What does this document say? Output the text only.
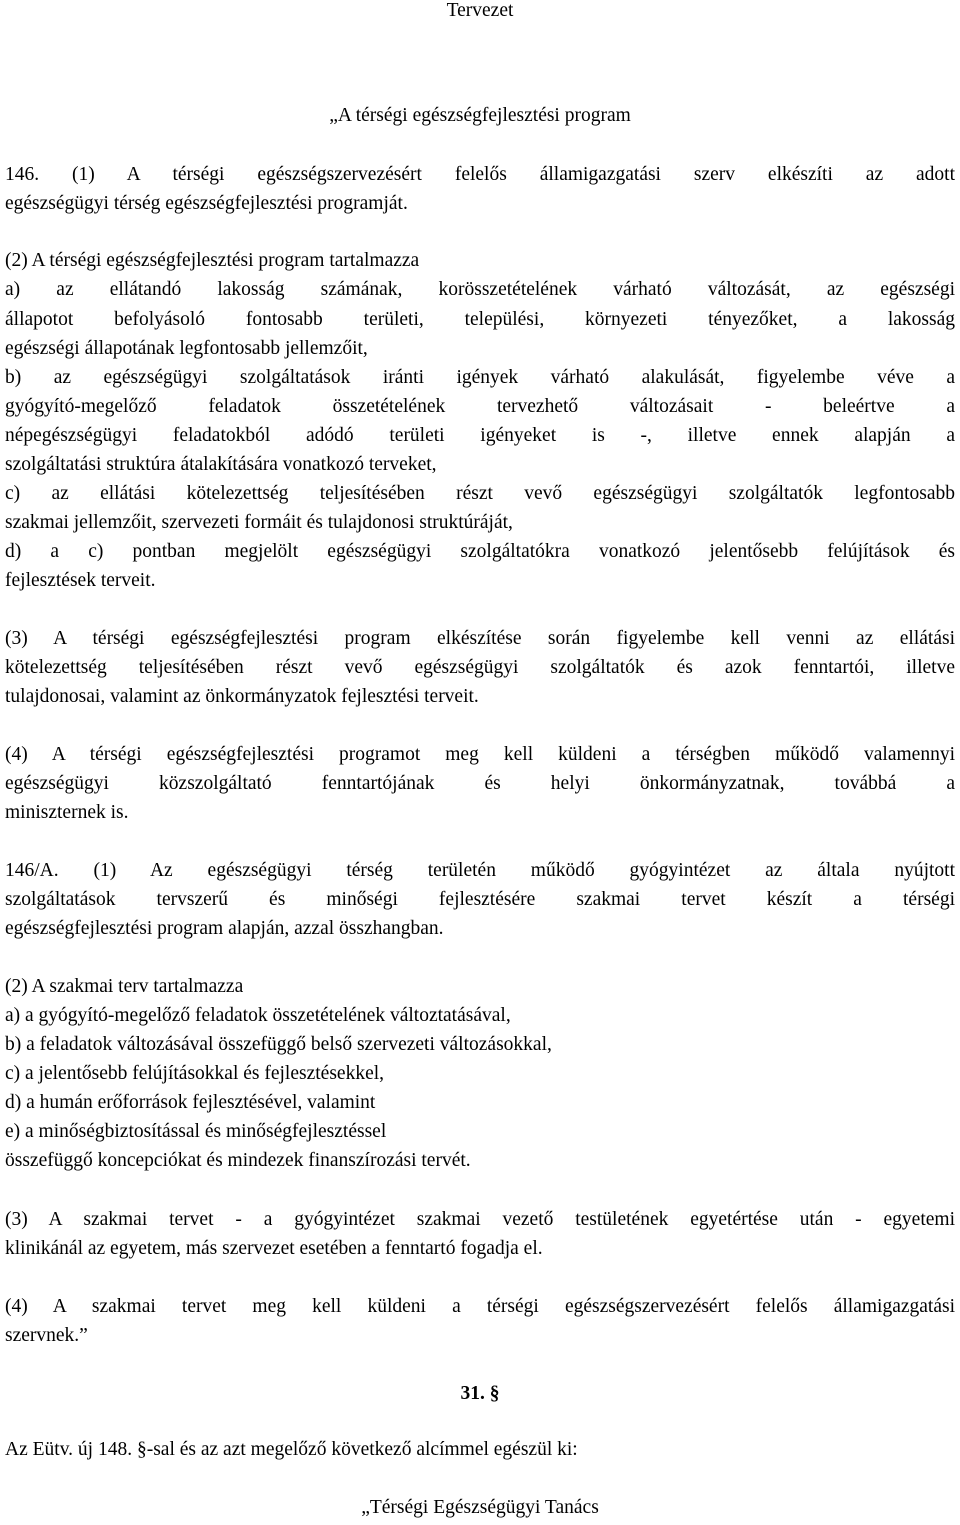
Tervezet
„A térségi egészségfejlesztési program
146. (1) A térségi egészségszervezésért felelős államigazgatási szerv elkészíti az adott
egészségügyi térség egészségfejlesztési programját.
(2) A térségi egészségfejlesztési program tartalmazza
a) az ellátandó lakosság számának, korösszetételének várható változását, az egészségi
állapotot befolyásoló fontosabb területi, települési, környezeti tényezőket, a lakosság
egészségi állapotának legfontosabb jellemzőit,
b) az egészségügyi szolgáltatások iránti igények várható alakulását, figyelembe véve a
gyógyító-megelőző feladatok összetételének tervezhető változásait - beleértve a
népegészségügyi feladatokból adódó területi igényeket is -, illetve ennek alapján a
szolgáltatási struktúra átalakítására vonatkozó terveket,
c) az ellátási kötelezettség teljesítésében részt vevő egészségügyi szolgáltatók legfontosabb
szakmai jellemzőit, szervezeti formáit és tulajdonosi struktúráját,
d) a c) pontban megjelölt egészségügyi szolgáltatókra vonatkozó jelentősebb felújítások és
fejlesztések terveit.
(3) A térségi egészségfejlesztési program elkészítése során figyelembe kell venni az ellátási
kötelezettség teljesítésében részt vevő egészségügyi szolgáltatók és azok fenntartói, illetve
tulajdonosai, valamint az önkormányzatok fejlesztési terveit.
(4) A térségi egészségfejlesztési programot meg kell küldeni a térségben működő valamennyi
egészségügyi közszolgáltató fenntartójának és helyi önkormányzatnak, továbbá a
miniszternek is.
146/A. (1) Az egészségügyi térség területén működő gyógyintézet az általa nyújtott
szolgáltatások tervszerű és minőségi fejlesztésére szakmai tervet készít a térségi
egészségfejlesztési program alapján, azzal összhangban.
(2) A szakmai terv tartalmazza
a) a gyógyító-megelőző feladatok összetételének változtatásával,
b) a feladatok változásával összefüggő belső szervezeti változásokkal,
c) a jelentősebb felújításokkal és fejlesztésekkel,
d) a humán erőforrások fejlesztésével, valamint
e) a minőségbiztosítással és minőségfejlesztéssel
összefüggő koncepciókat és mindezek finanszírozási tervét.
(3) A szakmai tervet - a gyógyintézet szakmai vezető testületének egyetértése után - egyetemi
klinikánál az egyetem, más szervezet esetében a fenntartó fogadja el.
(4) A szakmai tervet meg kell küldeni a térségi egészségszervezésért felelős államigazgatási
szervnek.”
31. §
Az Eütv. új 148. §-sal és az azt megelőző következő alcímmel egészül ki:
„Térségi Egészségügyi Tanács
